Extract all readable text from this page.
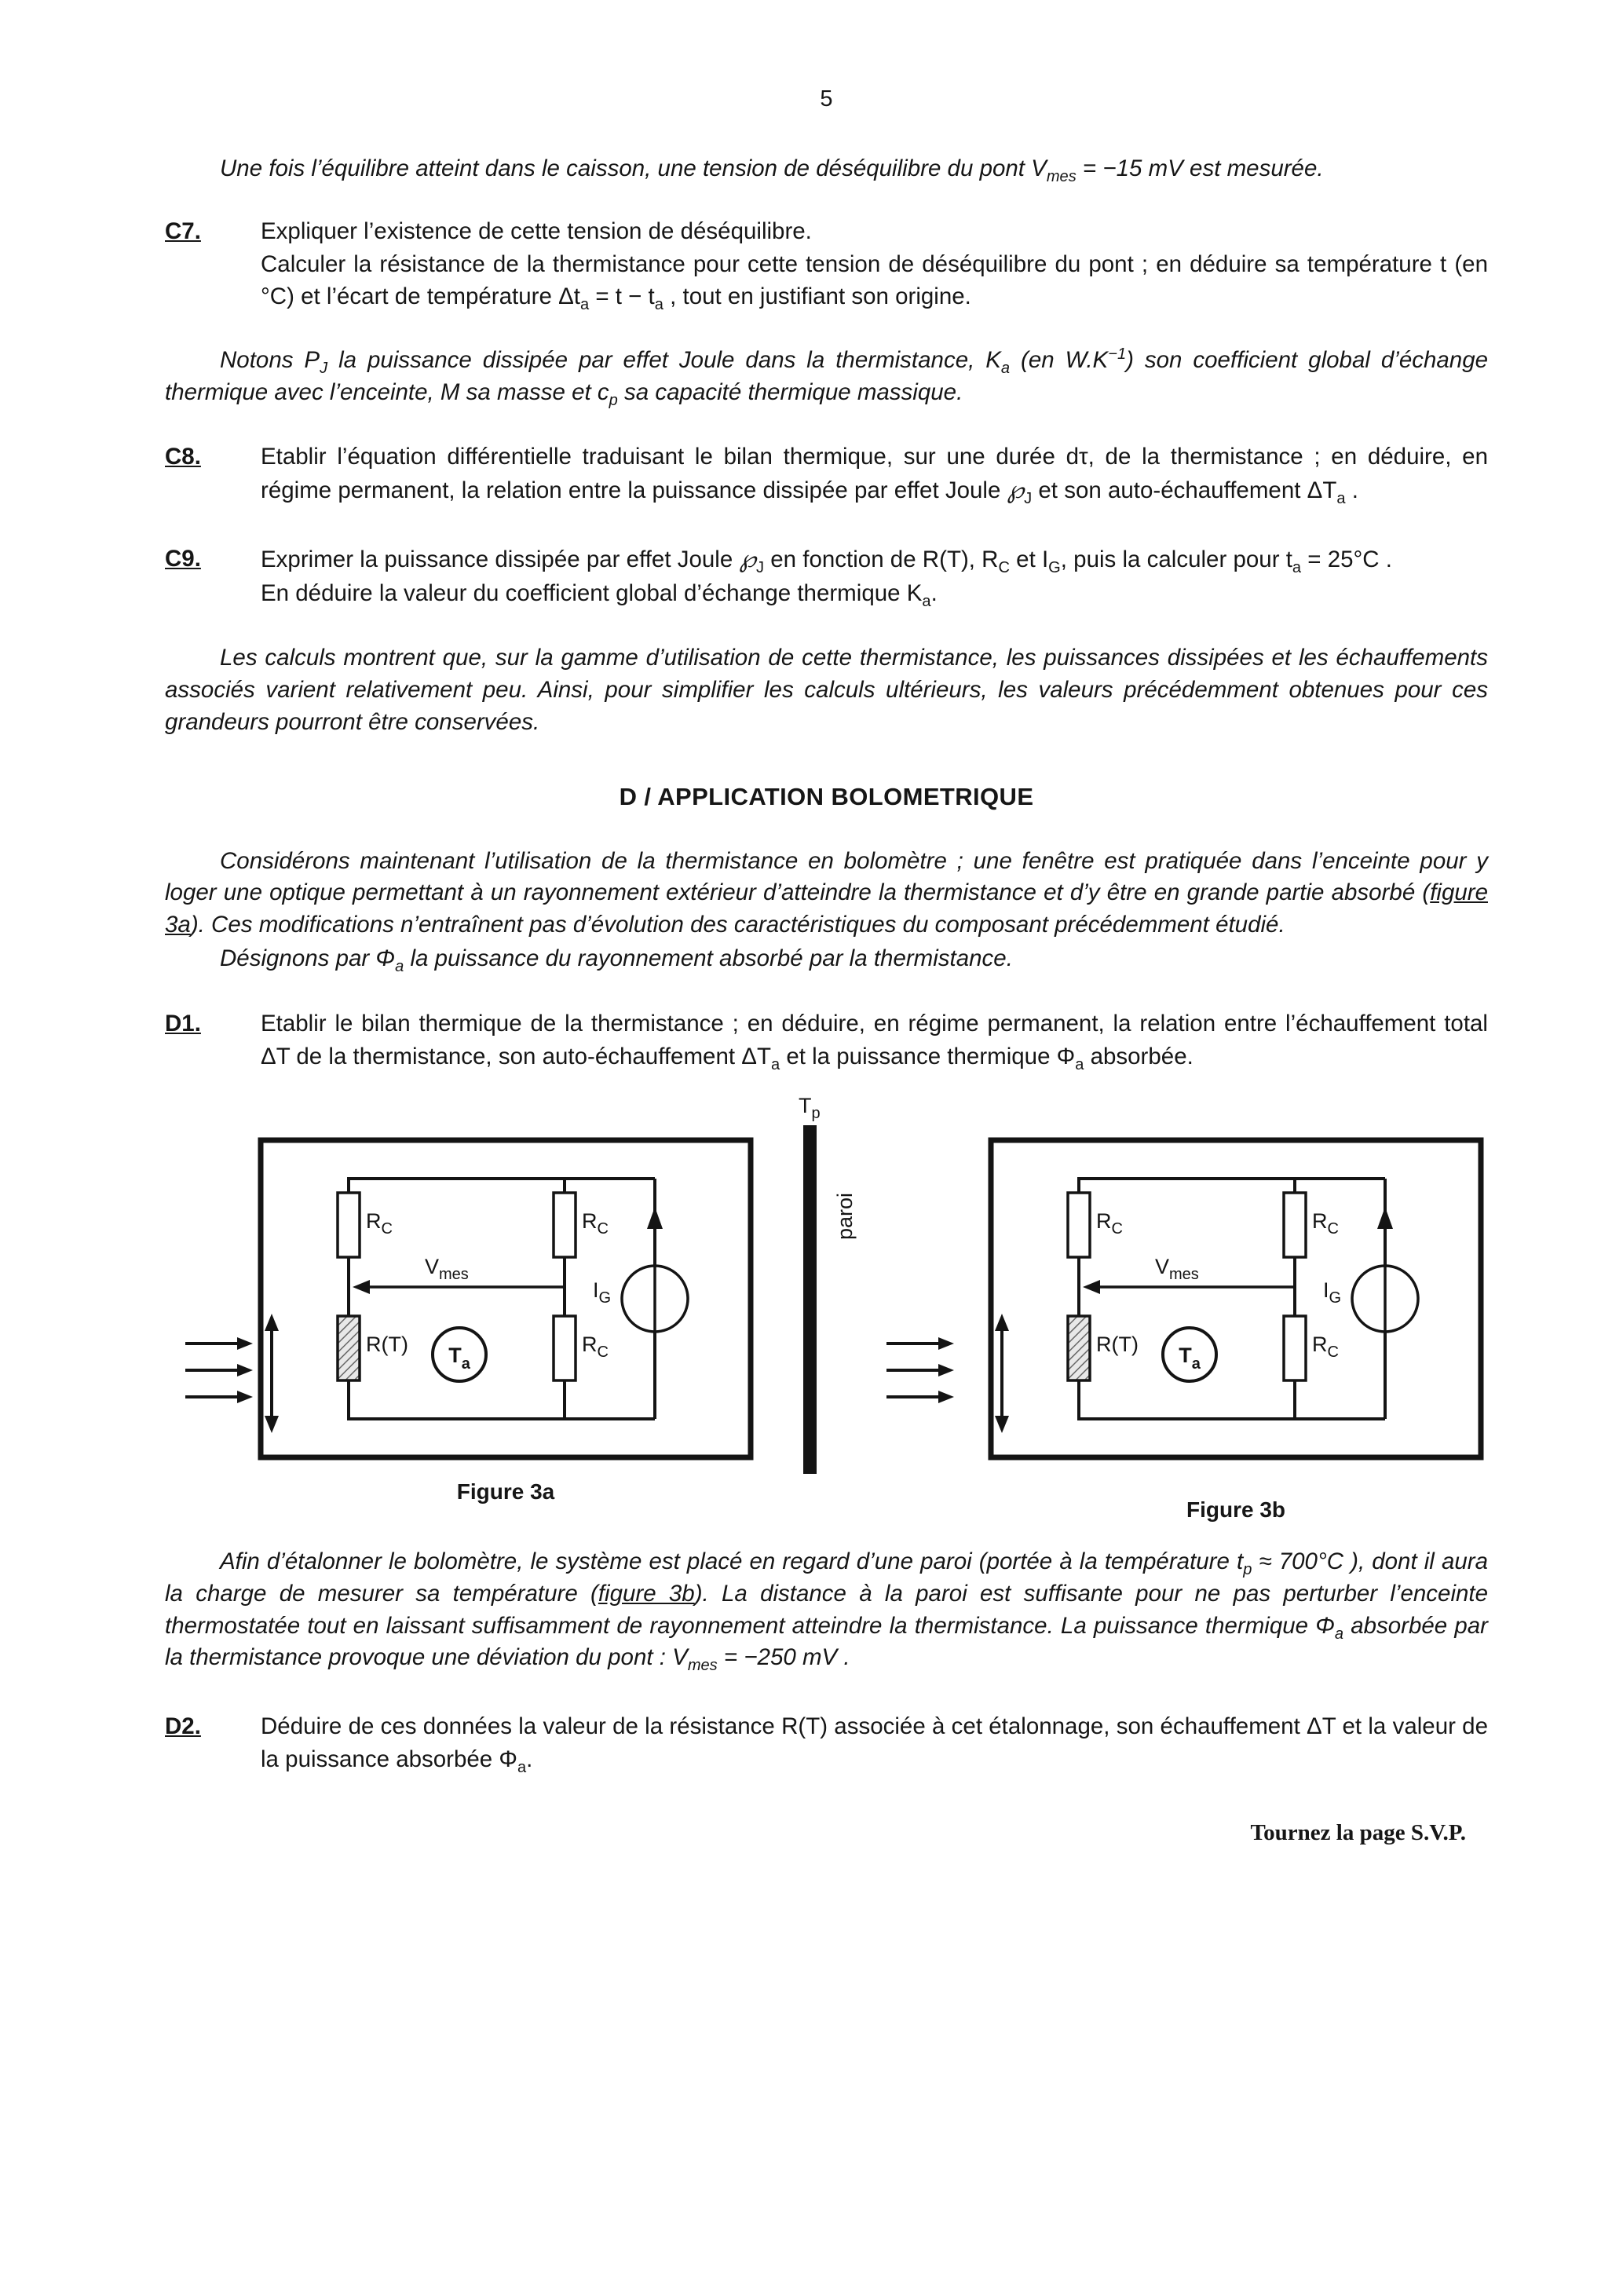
5

Une fois l’équilibre atteint dans le caisson, une tension de déséquilibre du pont $V_{mes} = -15$ mV est mesurée.

C7.	Expliquer l’existence de cette tension de déséquilibre.
Calculer la résistance de la thermistance pour cette tension de déséquilibre du pont ; en déduire sa température t (en °C) et l’écart de température $\Delta t_a = t - t_a$ , tout en justifiant son origine.

Notons $P_J$ la puissance dissipée par effet Joule dans la thermistance, $K_a$ (en $W.K^{-1}$) son coefficient global d’échange thermique avec l’enceinte, M sa masse et $c_p$ sa capacité thermique massique.

C8.	Etablir l’équation différentielle traduisant le bilan thermique, sur une durée dτ, de la thermistance ; en déduire, en régime permanent, la relation entre la puissance dissipée par effet Joule $℘_J$ et son auto-échauffement $\Delta T_a$ .
C9.	Exprimer la puissance dissipée par effet Joule $℘_J$ en fonction de R(T), $R_C$ et $I_G$, puis la calculer pour $t_a = 25^\circ C$ .
En déduire la valeur du coefficient global d’échange thermique $K_a$.

Les calculs montrent que, sur la gamme d’utilisation de cette thermistance, les puissances dissipées et les échauffements associés varient relativement peu. Ainsi, pour simplifier les calculs ultérieurs, les valeurs précédemment obtenues pour ces grandeurs pourront être conservées.

D / APPLICATION BOLOMETRIQUE

Considérons maintenant l’utilisation de la thermistance en bolomètre ; une fenêtre est pratiquée dans l’enceinte pour y loger une optique permettant à un rayonnement extérieur d’atteindre la thermistance et d’y être en grande partie absorbé (figure 3a). Ces modifications n’entraînent pas d’évolution des caractéristiques du composant précédemment étudié.

Désignons par $\Phi_a$ la puissance du rayonnement absorbé par la thermistance.

D1.	Etablir le bilan thermique de la thermistance ; en déduire, en régime permanent, la relation entre l’échauffement total ΔT de la thermistance, son auto-échauffement $\Delta T_a$ et la puissance thermique $\Phi_a$ absorbée.
$R_C$
R(T)
$R_C$
$R_C$
$V_{mes}$
$I_G$
$T_a$
Figure 3a
$T_p$
paroi	$R_C$
R(T)
$R_C$
$R_C$
$V_{mes}$
$I_G$
$T_a$
Figure 3b

Afin d’étalonner le bolomètre, le système est placé en regard d’une paroi (portée à la température $t_p \approx 700^\circ C$ ), dont il aura la charge de mesurer sa température (figure 3b). La distance à la paroi est suffisante pour ne pas perturber l’enceinte thermostatée tout en laissant suffisamment de rayonnement atteindre la thermistance. La puissance thermique $\Phi_a$ absorbée par la thermistance provoque une déviation du pont : $V_{mes} = -250$ mV .

D2.	Déduire de ces données la valeur de la résistance R(T) associée à cet étalonnage, son échauffement ΔT et la valeur de la puissance absorbée $\Phi_a$.
Tournez la page S.V.P.
